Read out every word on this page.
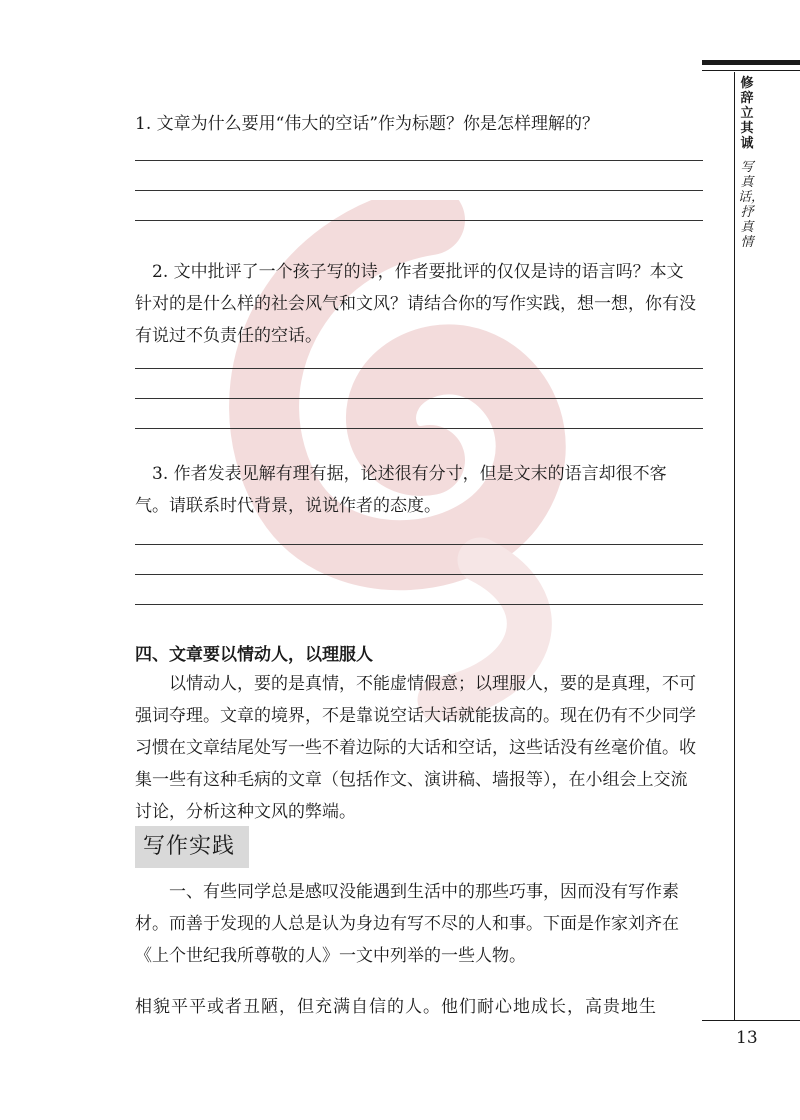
1. 文章为什么要用“伟大的空话”作为标题？你是怎样理解的？
2. 文中批评了一个孩子写的诗，作者要批评的仅仅是诗的语言吗？本文针对的是什么样的社会风气和文风？请结合你的写作实践，想一想，你有没有说过不负责任的空话。
3. 作者发表见解有理有据，论述很有分寸，但是文末的语言却很不客气。请联系时代背景，说说作者的态度。
四、文章要以情动人，以理服人
以情动人，要的是真情，不能虚情假意；以理服人，要的是真理，不可强词夺理。文章的境界，不是靠说空话大话就能拔高的。现在仍有不少同学习惯在文章结尾处写一些不着边际的大话和空话，这些话没有丝毫价值。收集一些有这种毛病的文章（包括作文、演讲稿、墙报等），在小组会上交流讨论，分析这种文风的弊端。
写作实践
一、有些同学总是感叹没能遇到生活中的那些巧事，因而没有写作素材。而善于发现的人总是认为身边有写不尽的人和事。下面是作家刘齐在《上个世纪我所尊敬的人》一文中列举的一些人物。
相貌平平或者丑陋，但充满自信的人。他们耐心地成长，高贵地生
修辞立其诚
写真话，抒真情
13
